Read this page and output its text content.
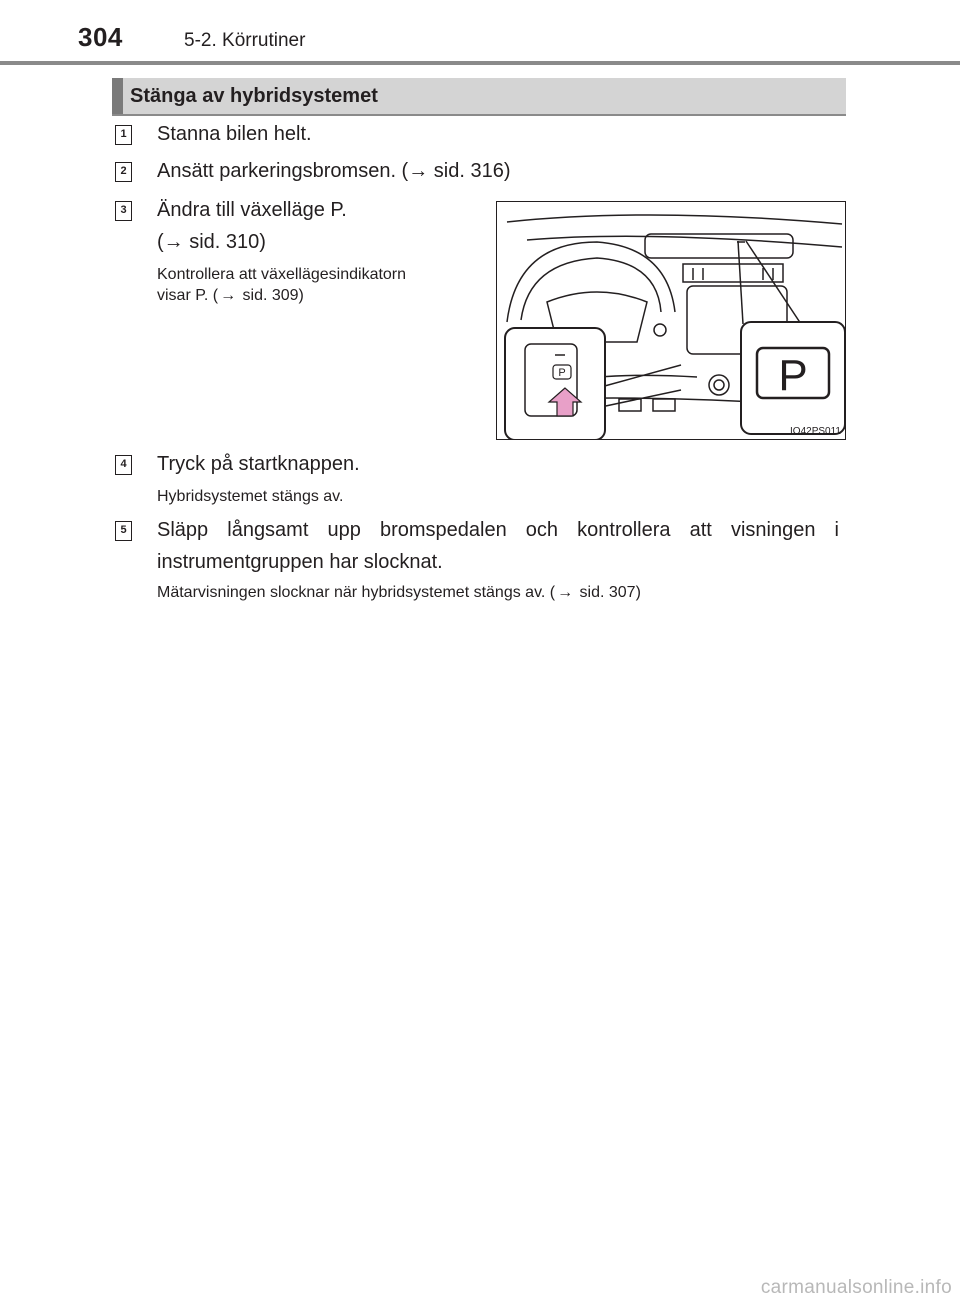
304	5-2. Körrutiner
Stänga av hybridsystemet
1 Stanna bilen helt.
2 Ansätt parkeringsbromsen. (→ sid. 316)
3 Ändra till växelläge P.
(→ sid. 310)
Kontrollera att växellägesindikatorn
visar P. ( → sid. 309)
P	P
IO42PS011
4 Tryck på startknappen.
Hybridsystemet stängs av.
5 Släpp långsamt upp bromspedalen och kontrollera att visningen i
instrumentgruppen har slocknat.
Mätarvisningen slocknar när hybridsystemet stängs av. ( → sid. 307)
carmanualsonline.info
